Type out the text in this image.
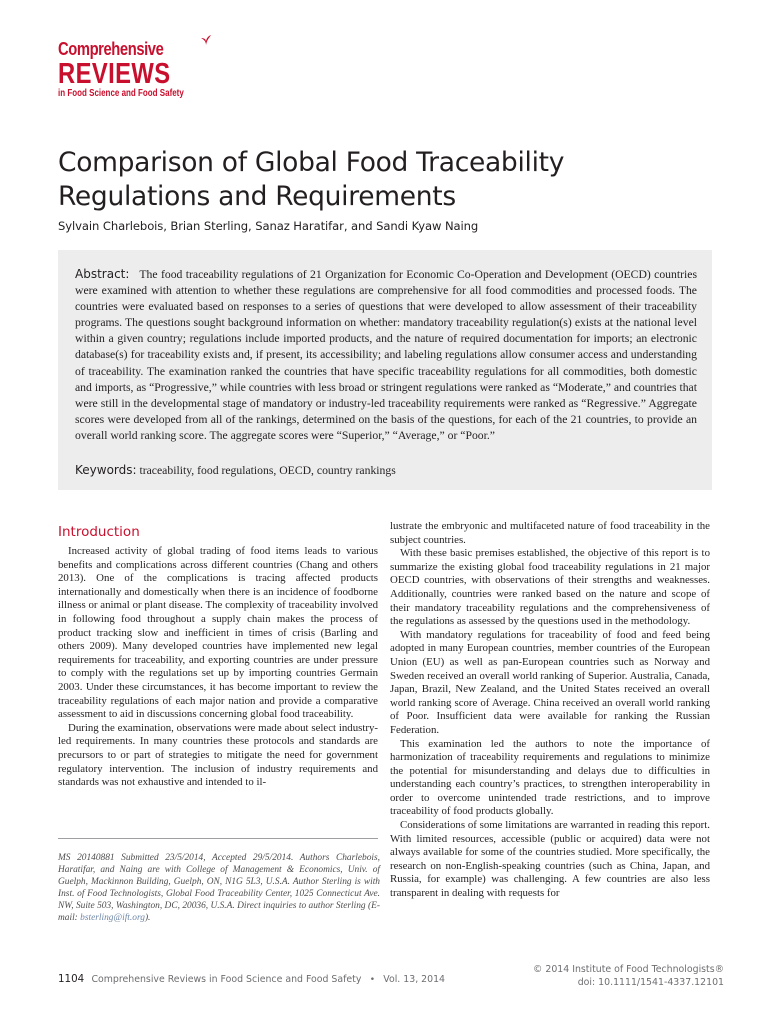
Comprehensive
REVIEWS
in Food Science and Food Safety
Comparison of Global Food Traceability Regulations and Requirements
Sylvain Charlebois, Brian Sterling, Sanaz Haratifar, and Sandi Kyaw Naing

Abstract: The food traceability regulations of 21 Organization for Economic Co-Operation and Development (OECD) countries were examined with attention to whether these regulations are comprehensive for all food commodities and processed foods. The countries were evaluated based on responses to a series of questions that were developed to allow assessment of their traceability programs. The questions sought background information on whether: mandatory traceability regulation(s) exists at the national level within a given country; regulations include imported products, and the nature of required documentation for imports; an electronic database(s) for traceability exists and, if present, its accessibility; and labeling regulations allow consumer access and understanding of traceability. The examination ranked the countries that have specific traceability regulations for all commodities, both domestic and imports, as “Progressive,” while countries with less broad or stringent regulations were ranked as “Moderate,” and countries that were still in the developmental stage of mandatory or industry-led traceability requirements were ranked as “Regressive.” Aggregate scores were developed from all of the rankings, determined on the basis of the questions, for each of the 21 countries, to provide an overall world ranking score. The aggregate scores were “Superior,” “Average,” or “Poor.”

Keywords: traceability, food regulations, OECD, country rankings

Introduction

Increased activity of global trading of food items leads to various benefits and complications across different countries (Chang and others 2013). One of the complications is tracing affected products internationally and domestically when there is an incidence of foodborne illness or animal or plant disease. The complexity of traceability involved in following food throughout a supply chain makes the process of product tracking slow and inefficient in times of crisis (Barling and others 2009). Many developed countries have implemented new legal requirements for traceability, and exporting countries are under pressure to comply with the regulations set up by importing countries Germain 2003. Under these circumstances, it has become important to review the traceability regulations of each major nation and provide a comparative assessment to aid in discussions concerning global food traceability.

During the examination, observations were made about select industry-led requirements. In many countries these protocols and standards are precursors to or part of strategies to mitigate the need for government regulatory intervention. The inclusion of industry requirements and standards was not exhaustive and intended to il-

lustrate the embryonic and multifaceted nature of food traceability in the subject countries.

With these basic premises established, the objective of this report is to summarize the existing global food traceability regulations in 21 major OECD countries, with observations of their strengths and weaknesses. Additionally, countries were ranked based on the nature and scope of their mandatory traceability regulations and the comprehensiveness of the regulations as assessed by the questions used in the methodology.

With mandatory regulations for traceability of food and feed being adopted in many European countries, member countries of the European Union (EU) as well as pan-European countries such as Norway and Sweden received an overall world ranking of Superior. Australia, Canada, Japan, Brazil, New Zealand, and the United States received an overall world ranking score of Average. China received an overall world ranking of Poor. Insufficient data were available for ranking the Russian Federation.

This examination led the authors to note the importance of harmonization of traceability requirements and regulations to minimize the potential for misunderstanding and delays due to difficulties in understanding each country’s practices, to strengthen interoperability in order to overcome unintended trade restrictions, and to improve traceability of food products globally.

Considerations of some limitations are warranted in reading this report. With limited resources, accessible (public or acquired) data were not always available for some of the countries studied. More specifically, the research on non-English-speaking countries (such as China, Japan, and Russia, for example) was challenging. A few countries are also less transparent in dealing with requests for

MS 20140881 Submitted 23/5/2014, Accepted 29/5/2014. Authors Charlebois, Haratifar, and Naing are with College of Management & Economics, Univ. of Guelph, Mackinnon Building, Guelph, ON, N1G 5L3, U.S.A. Author Sterling is with Inst. of Food Technologists, Global Food Traceability Center, 1025 Connecticut Ave. NW, Suite 503, Washington, DC, 20036, U.S.A. Direct inquiries to author Sterling (E-mail: bsterling@ift.org).

1104 Comprehensive Reviews in Food Science and Food Safety • Vol. 13, 2014
© 2014 Institute of Food Technologists®
doi: 10.1111/1541-4337.12101
